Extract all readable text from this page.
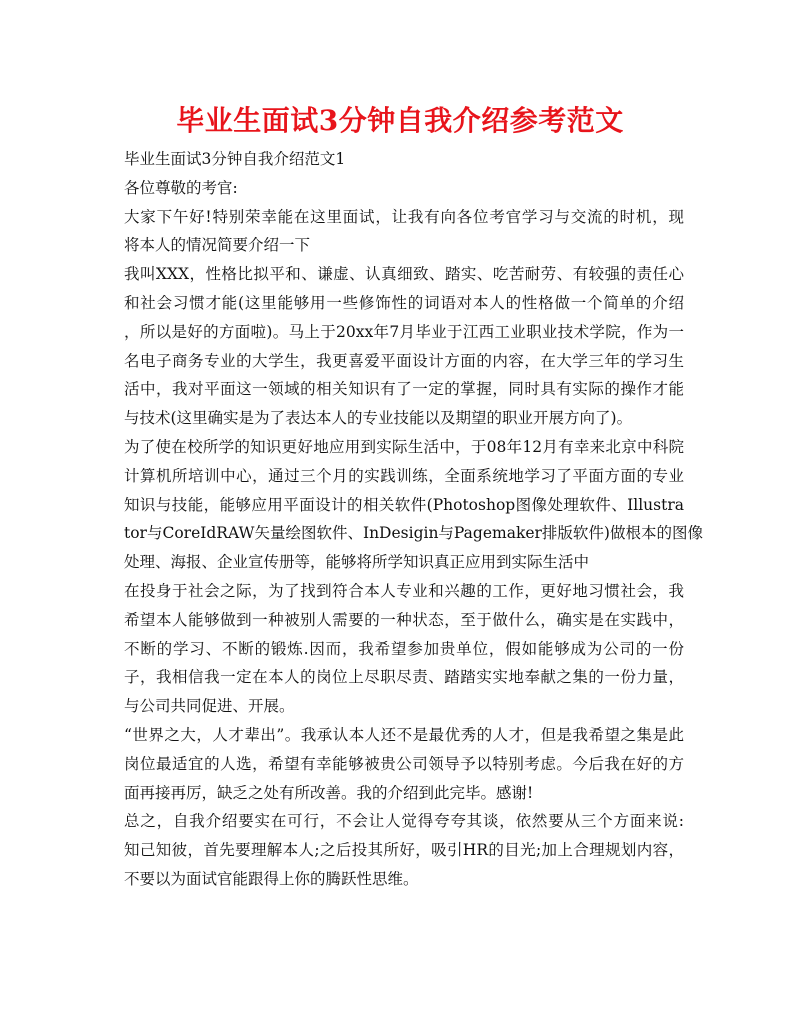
毕业生面试3分钟自我介绍参考范文
毕业生面试3分钟自我介绍范文1
各位尊敬的考官:
大家下午好!特别荣幸能在这里面试，让我有向各位考官学习与交流的时机，现
将本人的情况简要介绍一下
我叫XXX，性格比拟平和、谦虚、认真细致、踏实、吃苦耐劳、有较强的责任心
和社会习惯才能(这里能够用一些修饰性的词语对本人的性格做一个简单的介绍
，所以是好的方面啦)。马上于20xx年7月毕业于江西工业职业技术学院，作为一
名电子商务专业的大学生，我更喜爱平面设计方面的内容，在大学三年的学习生
活中，我对平面这一领域的相关知识有了一定的掌握，同时具有实际的操作才能
与技术(这里确实是为了表达本人的专业技能以及期望的职业开展方向了)。
为了使在校所学的知识更好地应用到实际生活中，于08年12月有幸来北京中科院
计算机所培训中心，通过三个月的实践训练，全面系统地学习了平面方面的专业
知识与技能，能够应用平面设计的相关软件(Photoshop图像处理软件、Illustra
tor与CoreIdRAW矢量绘图软件、InDesigin与Pagemaker排版软件)做根本的图像
处理、海报、企业宣传册等，能够将所学知识真正应用到实际生活中
在投身于社会之际，为了找到符合本人专业和兴趣的工作，更好地习惯社会，我
希望本人能够做到一种被别人需要的一种状态，至于做什么，确实是在实践中，
不断的学习、不断的锻炼.因而，我希望参加贵单位，假如能够成为公司的一份
子，我相信我一定在本人的岗位上尽职尽责、踏踏实实地奉献之集的一份力量，
与公司共同促进、开展。
“世界之大，人才辈出”。我承认本人还不是最优秀的人才，但是我希望之集是此
岗位最适宜的人选，希望有幸能够被贵公司领导予以特别考虑。今后我在好的方
面再接再厉，缺乏之处有所改善。我的介绍到此完毕。感谢!
总之，自我介绍要实在可行，不会让人觉得夸夸其谈，依然要从三个方面来说:
知己知彼，首先要理解本人;之后投其所好，吸引HR的目光;加上合理规划内容，
不要以为面试官能跟得上你的腾跃性思维。
